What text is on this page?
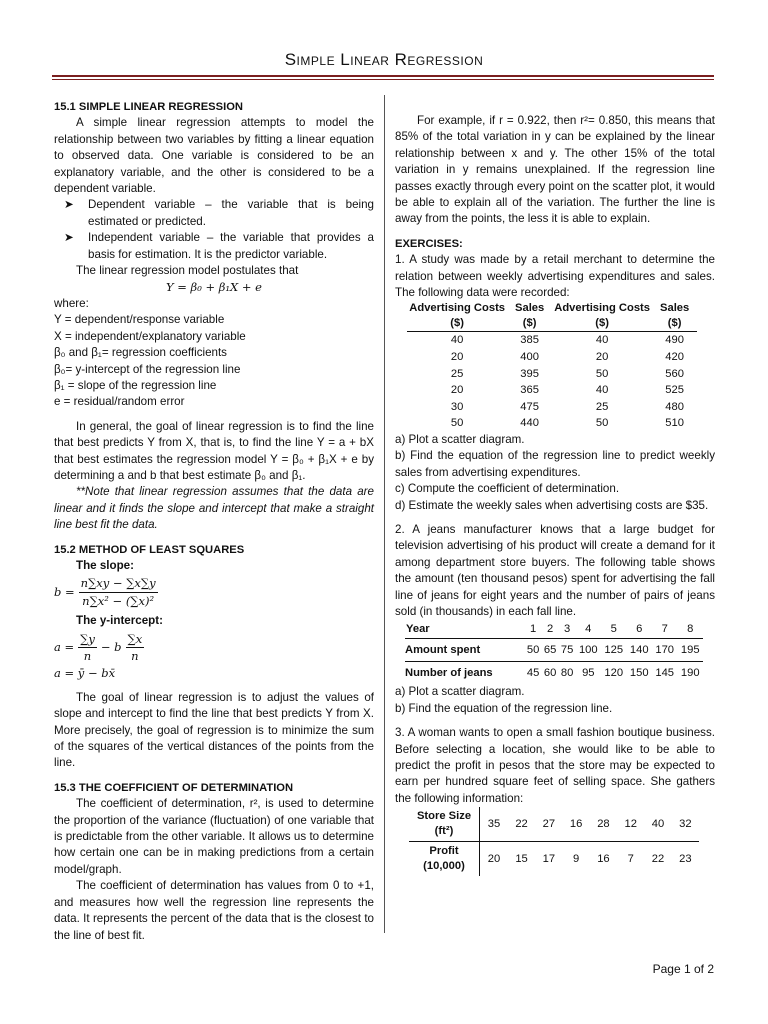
Simple Linear Regression

15.1 SIMPLE LINEAR REGRESSION

A simple linear regression attempts to model the relationship between two variables by fitting a linear equation to observed data. One variable is considered to be an explanatory variable, and the other is considered to be a dependent variable.

➤	Dependent variable – the variable that is being estimated or predicted.
➤	Independent variable – the variable that provides a basis for estimation. It is the predictor variable.

The linear regression model postulates that

Y = β₀ + β₁X + e

where:

Y = dependent/response variable

X = independent/explanatory variable

β₀ and β₁= regression coefficients

β₀= y-intercept of the regression line

β₁ = slope of the regression line

e = residual/random error

In general, the goal of linear regression is to find the line that best predicts Y from X, that is, to find the line Y = a + bX that best estimates the regression model Y = β₀ + β₁X + e by determining a and b that best estimate β₀ and β₁.

**Note that linear regression assumes that the data are linear and it finds the slope and intercept that make a straight line best fit the data.

15.2 METHOD OF LEAST SQUARES

The slope:

$b = \frac{n\sum xy - \sum x\sum y}{\text{n∑x² − (∑x)²}}$

The y-intercept:

$a = \frac{\sum y}{n} - b \frac{\sum x}{n}$

a = ȳ − bx̄

The goal of linear regression is to adjust the values of slope and intercept to find the line that best predicts Y from X. More precisely, the goal of regression is to minimize the sum of the squares of the vertical distances of the points from the line.

15.3 THE COEFFICIENT OF DETERMINATION

The coefficient of determination, r², is used to determine the proportion of the variance (fluctuation) of one variable that is predictable from the other variable. It allows us to determine how certain one can be in making predictions from a certain model/graph.

The coefficient of determination has values from 0 to +1, and measures how well the regression line represents the data. It represents the percent of the data that is the closest to the line of best fit.

For example, if r = 0.922, then r²= 0.850, this means that 85% of the total variation in y can be explained by the linear relationship between x and y. The other 15% of the total variation in y remains unexplained. If the regression line passes exactly through every point on the scatter plot, it would be able to explain all of the variation. The further the line is away from the points, the less it is able to explain.

EXERCISES:

1. A study was made by a retail merchant to determine the relation between weekly advertising expenditures and sales. The following data were recorded:

Advertising Costs ($)	Sales ($)	Advertising Costs ($)	Sales ($)
40	385	40	490
20	400	20	420
25	395	50	560
20	365	40	525
30	475	25	480
50	440	50	510

a) Plot a scatter diagram.

b) Find the equation of the regression line to predict weekly sales from advertising expenditures.

c) Compute the coefficient of determination.

d) Estimate the weekly sales when advertising costs are $35.

2. A jeans manufacturer knows that a large budget for television advertising of his product will create a demand for it among department store buyers. The following table shows the amount (ten thousand pesos) spent for advertising the fall line of jeans for eight years and the number of pairs of jeans sold (in thousands) in each fall line.

Year	1	2	3	4	5	6	7	8
Amount spent	50	65	75	100	125	140	170	195
Number of jeans	45	60	80	95	120	150	145	190

a) Plot a scatter diagram.

b) Find the equation of the regression line.

3. A woman wants to open a small fashion boutique business. Before selecting a location, she would like to be able to predict the profit in pesos that the store may be expected to earn per hundred square feet of selling space. She gathers the following information:

Store Size (ft²)	35	22	27	16	28	12	40	32
Profit (10,000)	20	15	17	9	16	7	22	23
Page 1 of 2
